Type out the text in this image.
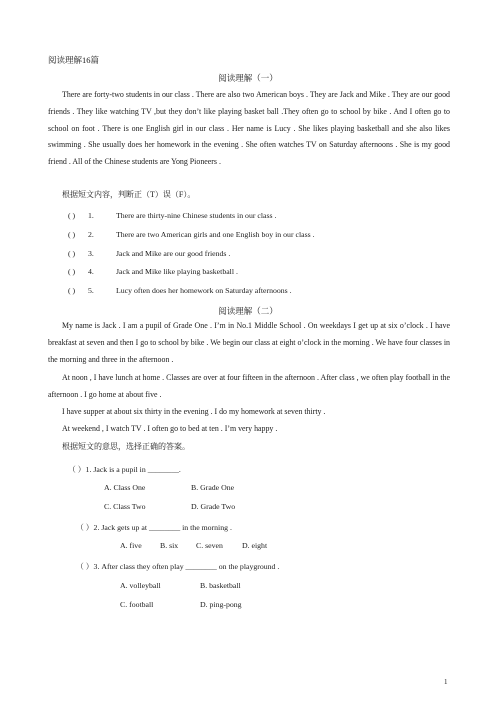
阅读理解16篇
阅读理解（一）
There are forty-two students in our class . There are also two American boys . They are Jack and Mike . They are our good friends . They like watching TV ,but they don’t like playing basket ball .They often go to school by bike . And I often go to school on foot . There is one English girl in our class . Her name is Lucy . She likes playing basketball and she also likes swimming . She usually does her homework in the evening . She often watches TV on Saturday afternoons . She is my good friend . All of the Chinese students are Yong Pioneers .
根据短文内容，判断正（T）误（F）。
( ) 1.	There are thirty-nine Chinese students in our class .
( ) 2.	There are two American girls and one English boy in our class .
( ) 3.	Jack and Mike are our good friends .
( ) 4.	Jack and Mike like playing basketball .
( ) 5.	Lucy often does her homework on Saturday afternoons .
阅读理解（二）
My name is Jack . I am a pupil of Grade One . I’m in No.1 Middle School . On weekdays I get up at six o’clock . I have breakfast at seven and then I go to school by bike . We begin our class at eight o’clock in the morning . We have four classes in the morning and three in the afternoon .
At noon , I have lunch at home . Classes are over at four fifteen in the afternoon . After class , we often play football in the afternoon . I go home at about five .
I have supper at about six thirty in the evening . I do my homework at seven thirty .
At weekend , I watch TV . I often go to bed at ten . I’m very happy .
根据短文的意思，选择正确的答案。
（ ）1. Jack is a pupil in ________.
A. Class One	B. Grade One
C. Class Two	D. Grade Two
（ ）2. Jack gets up at ________ in the morning .
A. five B. six C. seven D. eight
（ ）3. After class they often play ________ on the playground .
A. volleyball	B. basketball
C. football	D. ping-pong
1
